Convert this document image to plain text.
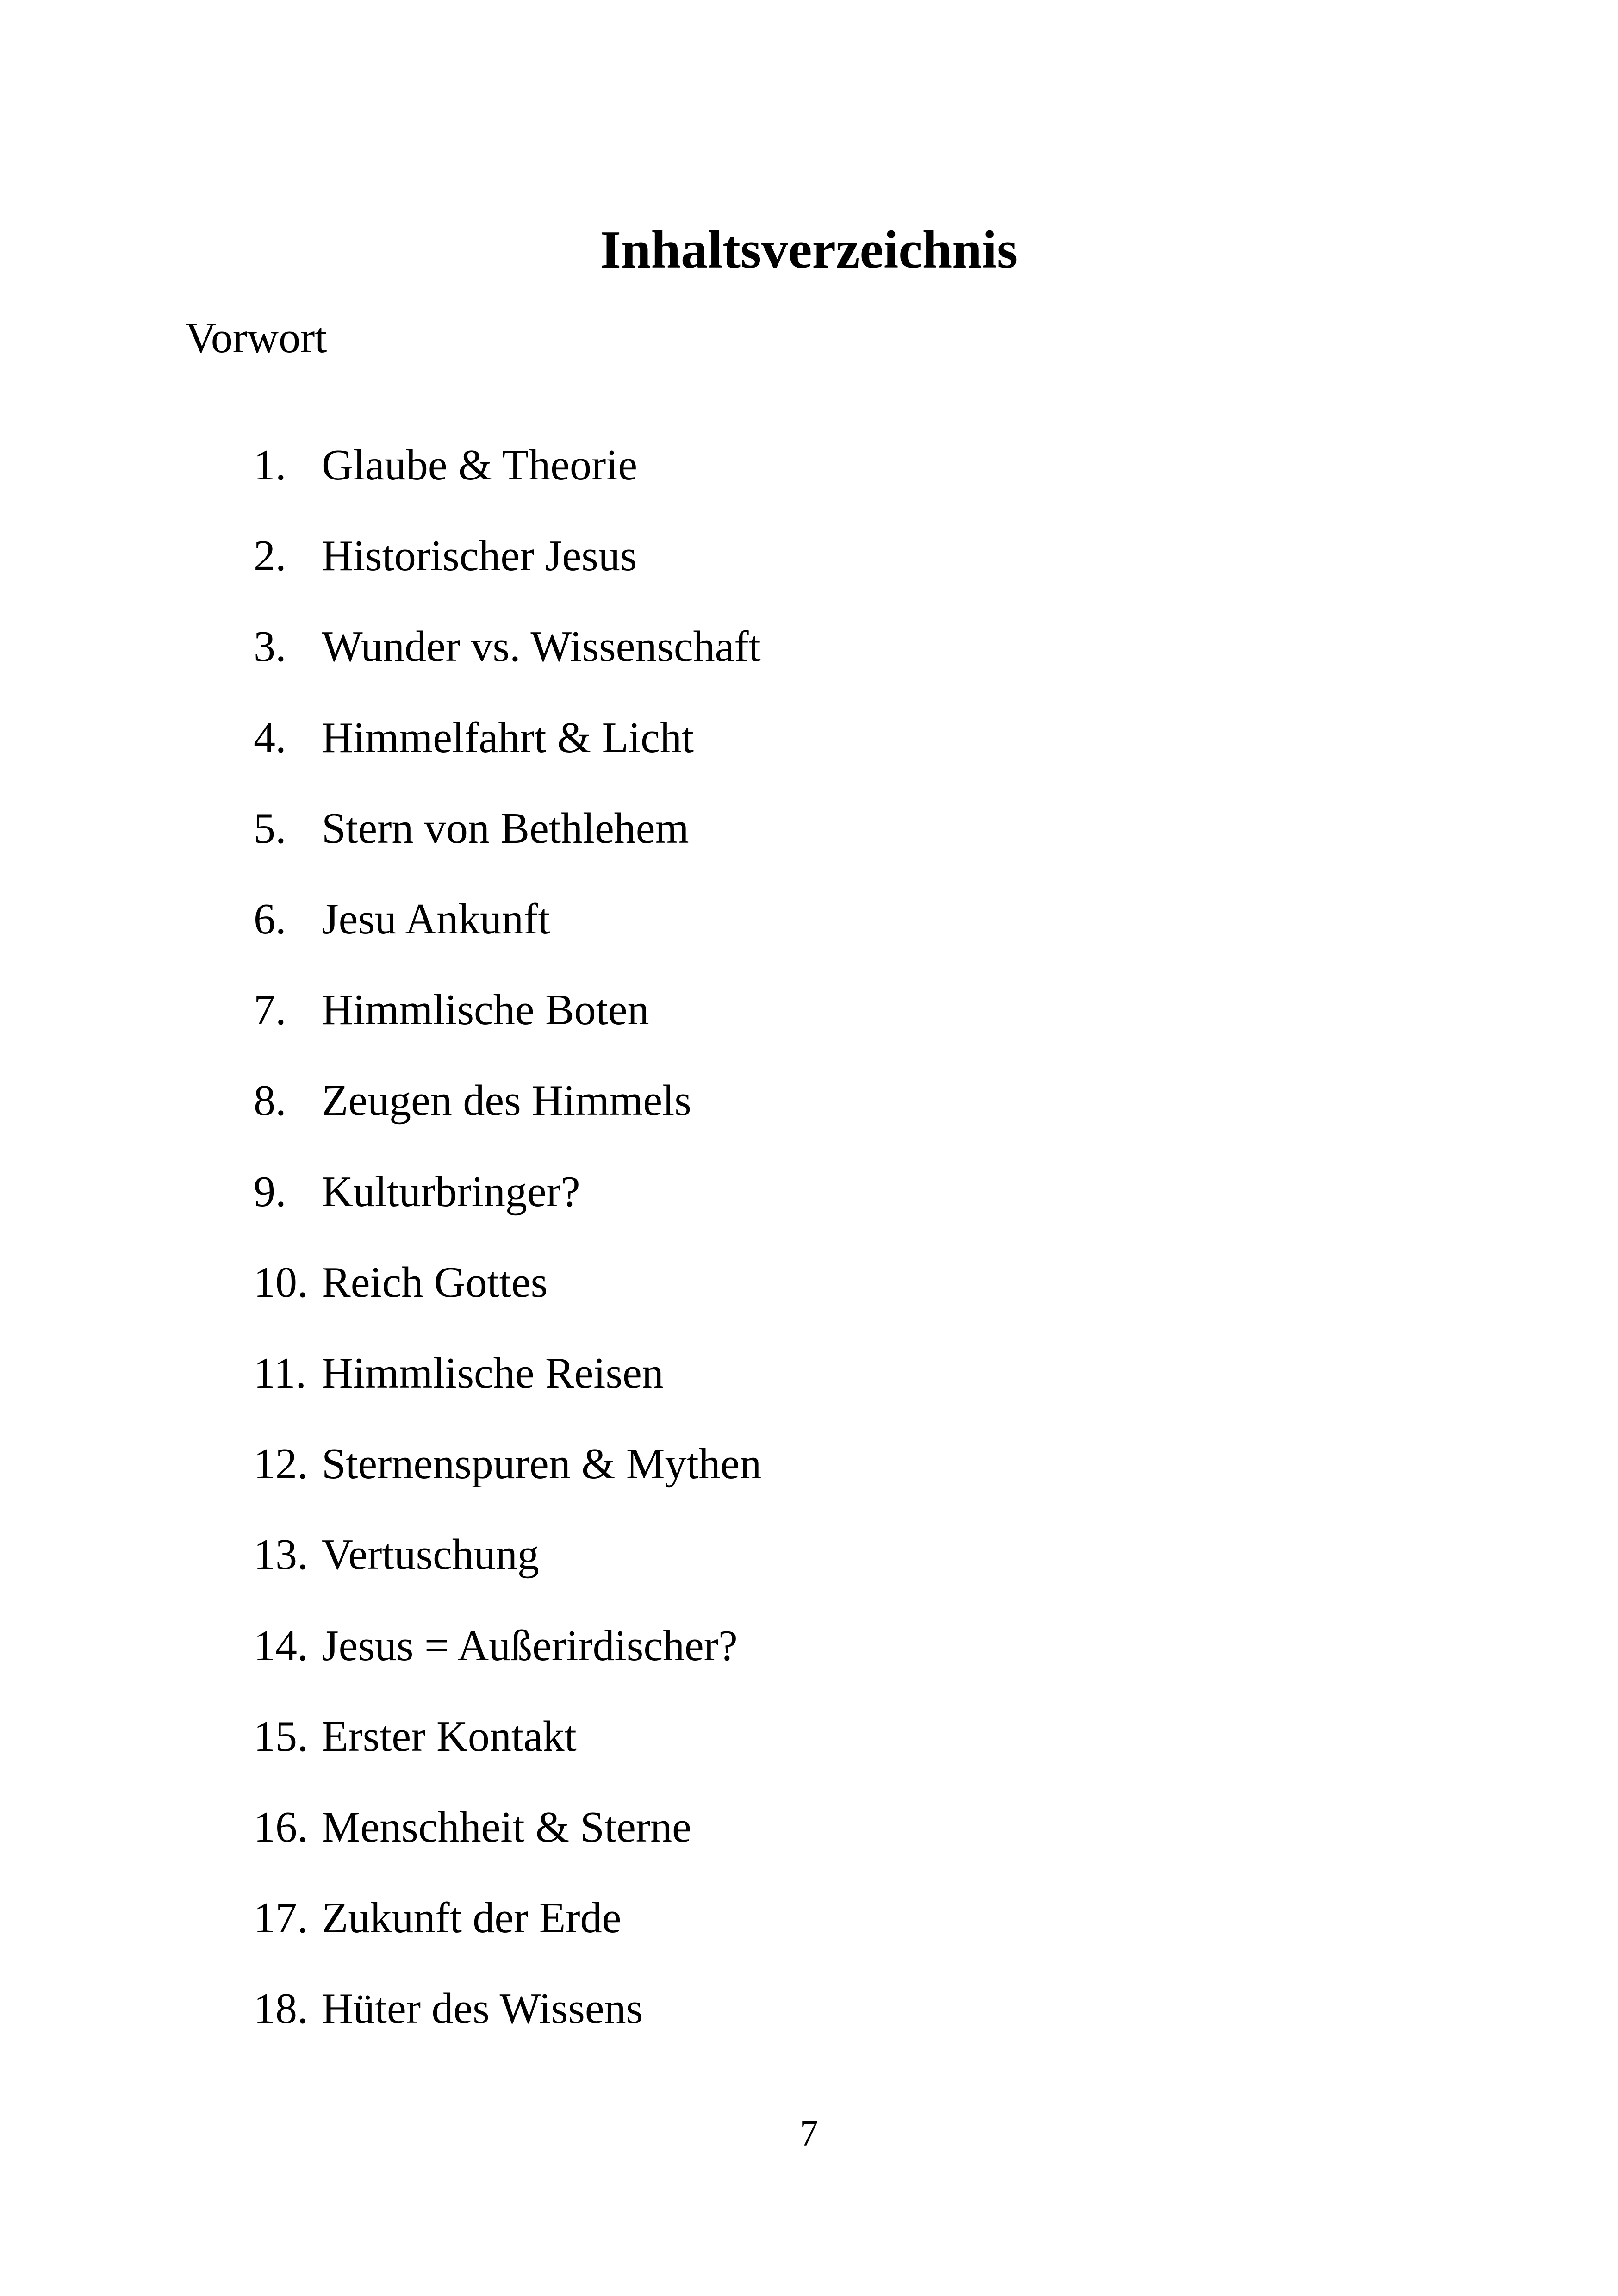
Inhaltsverzeichnis
Vorwort
1. Glaube & Theorie
2. Historischer Jesus
3. Wunder vs. Wissenschaft
4. Himmelfahrt & Licht
5. Stern von Bethlehem
6. Jesu Ankunft
7. Himmlische Boten
8. Zeugen des Himmels
9. Kulturbringer?
10. Reich Gottes
11. Himmlische Reisen
12. Sternenspuren & Mythen
13. Vertuschung
14. Jesus = Außerirdischer?
15. Erster Kontakt
16. Menschheit & Sterne
17. Zukunft der Erde
18. Hüter des Wissens
7
